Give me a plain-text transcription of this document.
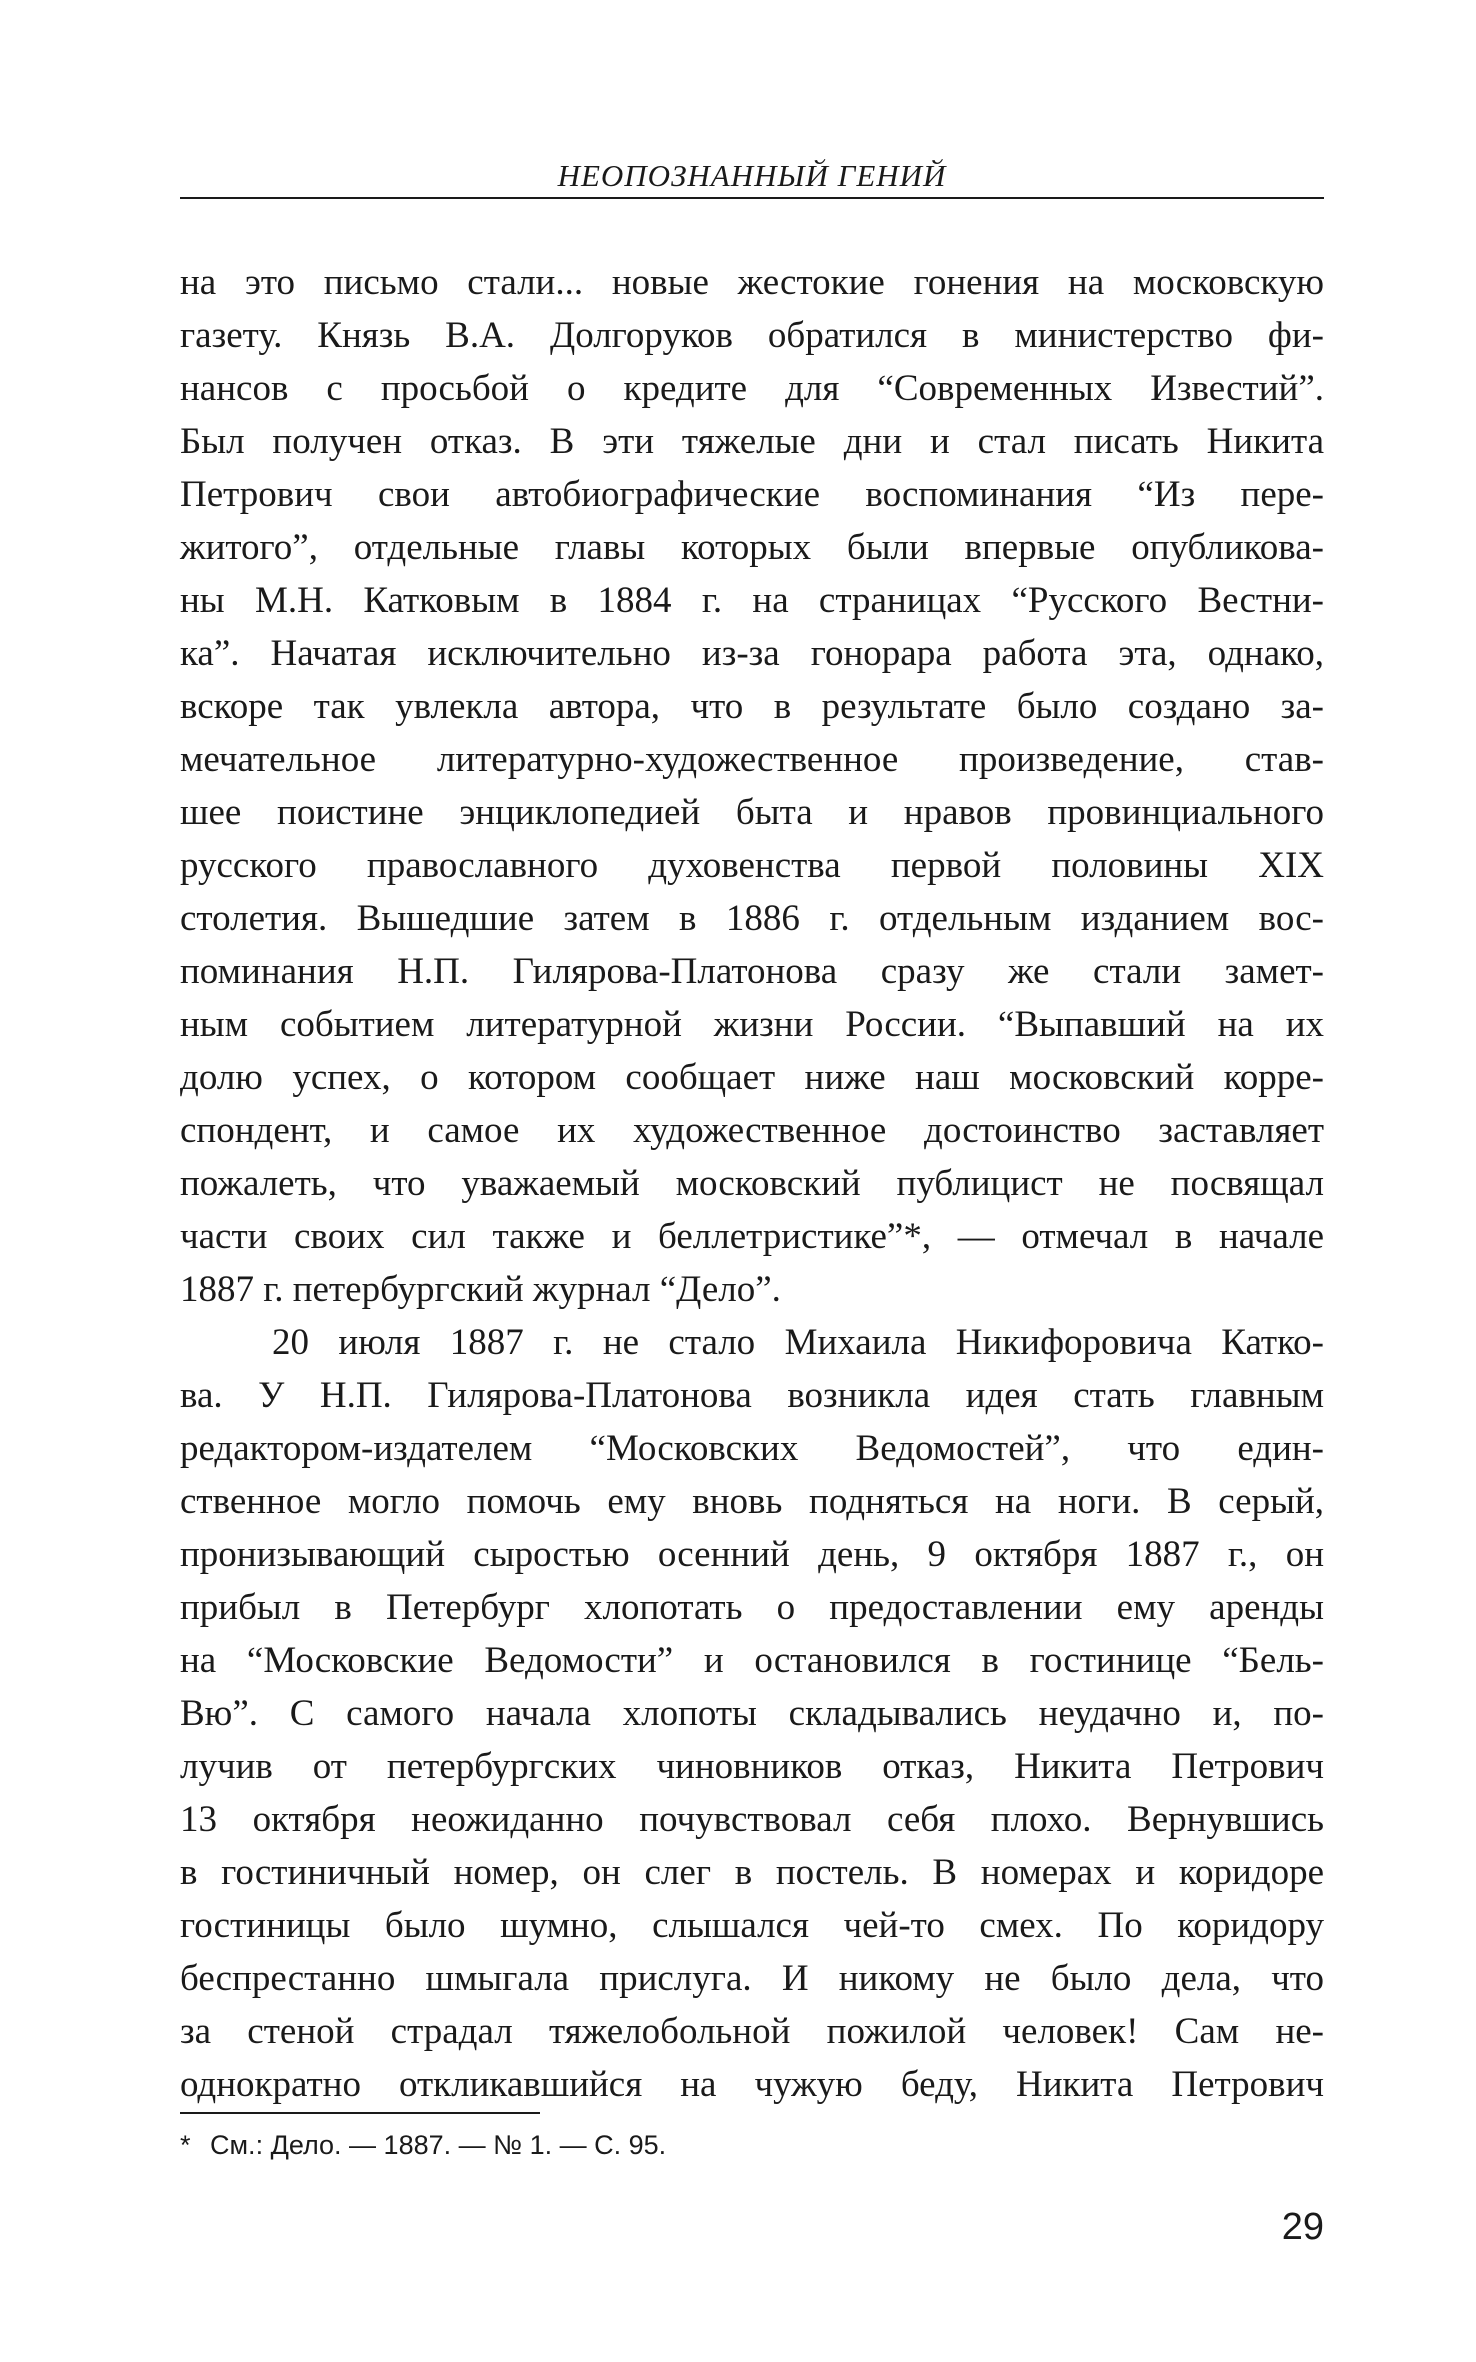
НЕОПОЗНАННЫЙ ГЕНИЙ
на это письмо стали... новые жестокие гонения на московскую
газету. Князь В.А. Долгоруков обратился в министерство фи-
нансов с просьбой о кредите для “Современных Известий”.
Был получен отказ. В эти тяжелые дни и стал писать Никита
Петрович свои автобиографические воспоминания “Из пере-
житого”, отдельные главы которых были впервые опубликова-
ны М.Н. Катковым в 1884 г. на страницах “Русского Вестни-
ка”. Начатая исключительно из-за гонорара работа эта, однако,
вскоре так увлекла автора, что в результате было создано за-
мечательное литературно-художественное произведение, став-
шее поистине энциклопедией быта и нравов провинциального
русского православного духовенства первой половины XIX
столетия. Вышедшие затем в 1886 г. отдельным изданием вос-
поминания Н.П. Гилярова-Платонова сразу же стали замет-
ным событием литературной жизни России. “Выпавший на их
долю успех, о котором сообщает ниже наш московский корре-
спондент, и самое их художественное достоинство заставляет
пожалеть, что уважаемый московский публицист не посвящал
части своих сил также и беллетристике”*, — отмечал в начале
1887 г. петербургский журнал “Дело”.
20 июля 1887 г. не стало Михаила Никифоровича Катко-
ва. У Н.П. Гилярова-Платонова возникла идея стать главным
редактором-издателем “Московских Ведомостей”, что един-
ственное могло помочь ему вновь подняться на ноги. В серый,
пронизывающий сыростью осенний день, 9 октября 1887 г., он
прибыл в Петербург хлопотать о предоставлении ему аренды
на “Московские Ведомости” и остановился в гостинице “Бель-
Вю”. С самого начала хлопоты складывались неудачно и, по-
лучив от петербургских чиновников отказ, Никита Петрович
13 октября неожиданно почувствовал себя плохо. Вернувшись
в гостиничный номер, он слег в постель. В номерах и коридоре
гостиницы было шумно, слышался чей-то смех. По коридору
беспрестанно шмыгала прислуга. И никому не было дела, что
за стеной страдал тяжелобольной пожилой человек! Сам не-
однократно откликавшийся на чужую беду, Никита Петрович
* См.: Дело. — 1887. — № 1. — С. 95.
29
